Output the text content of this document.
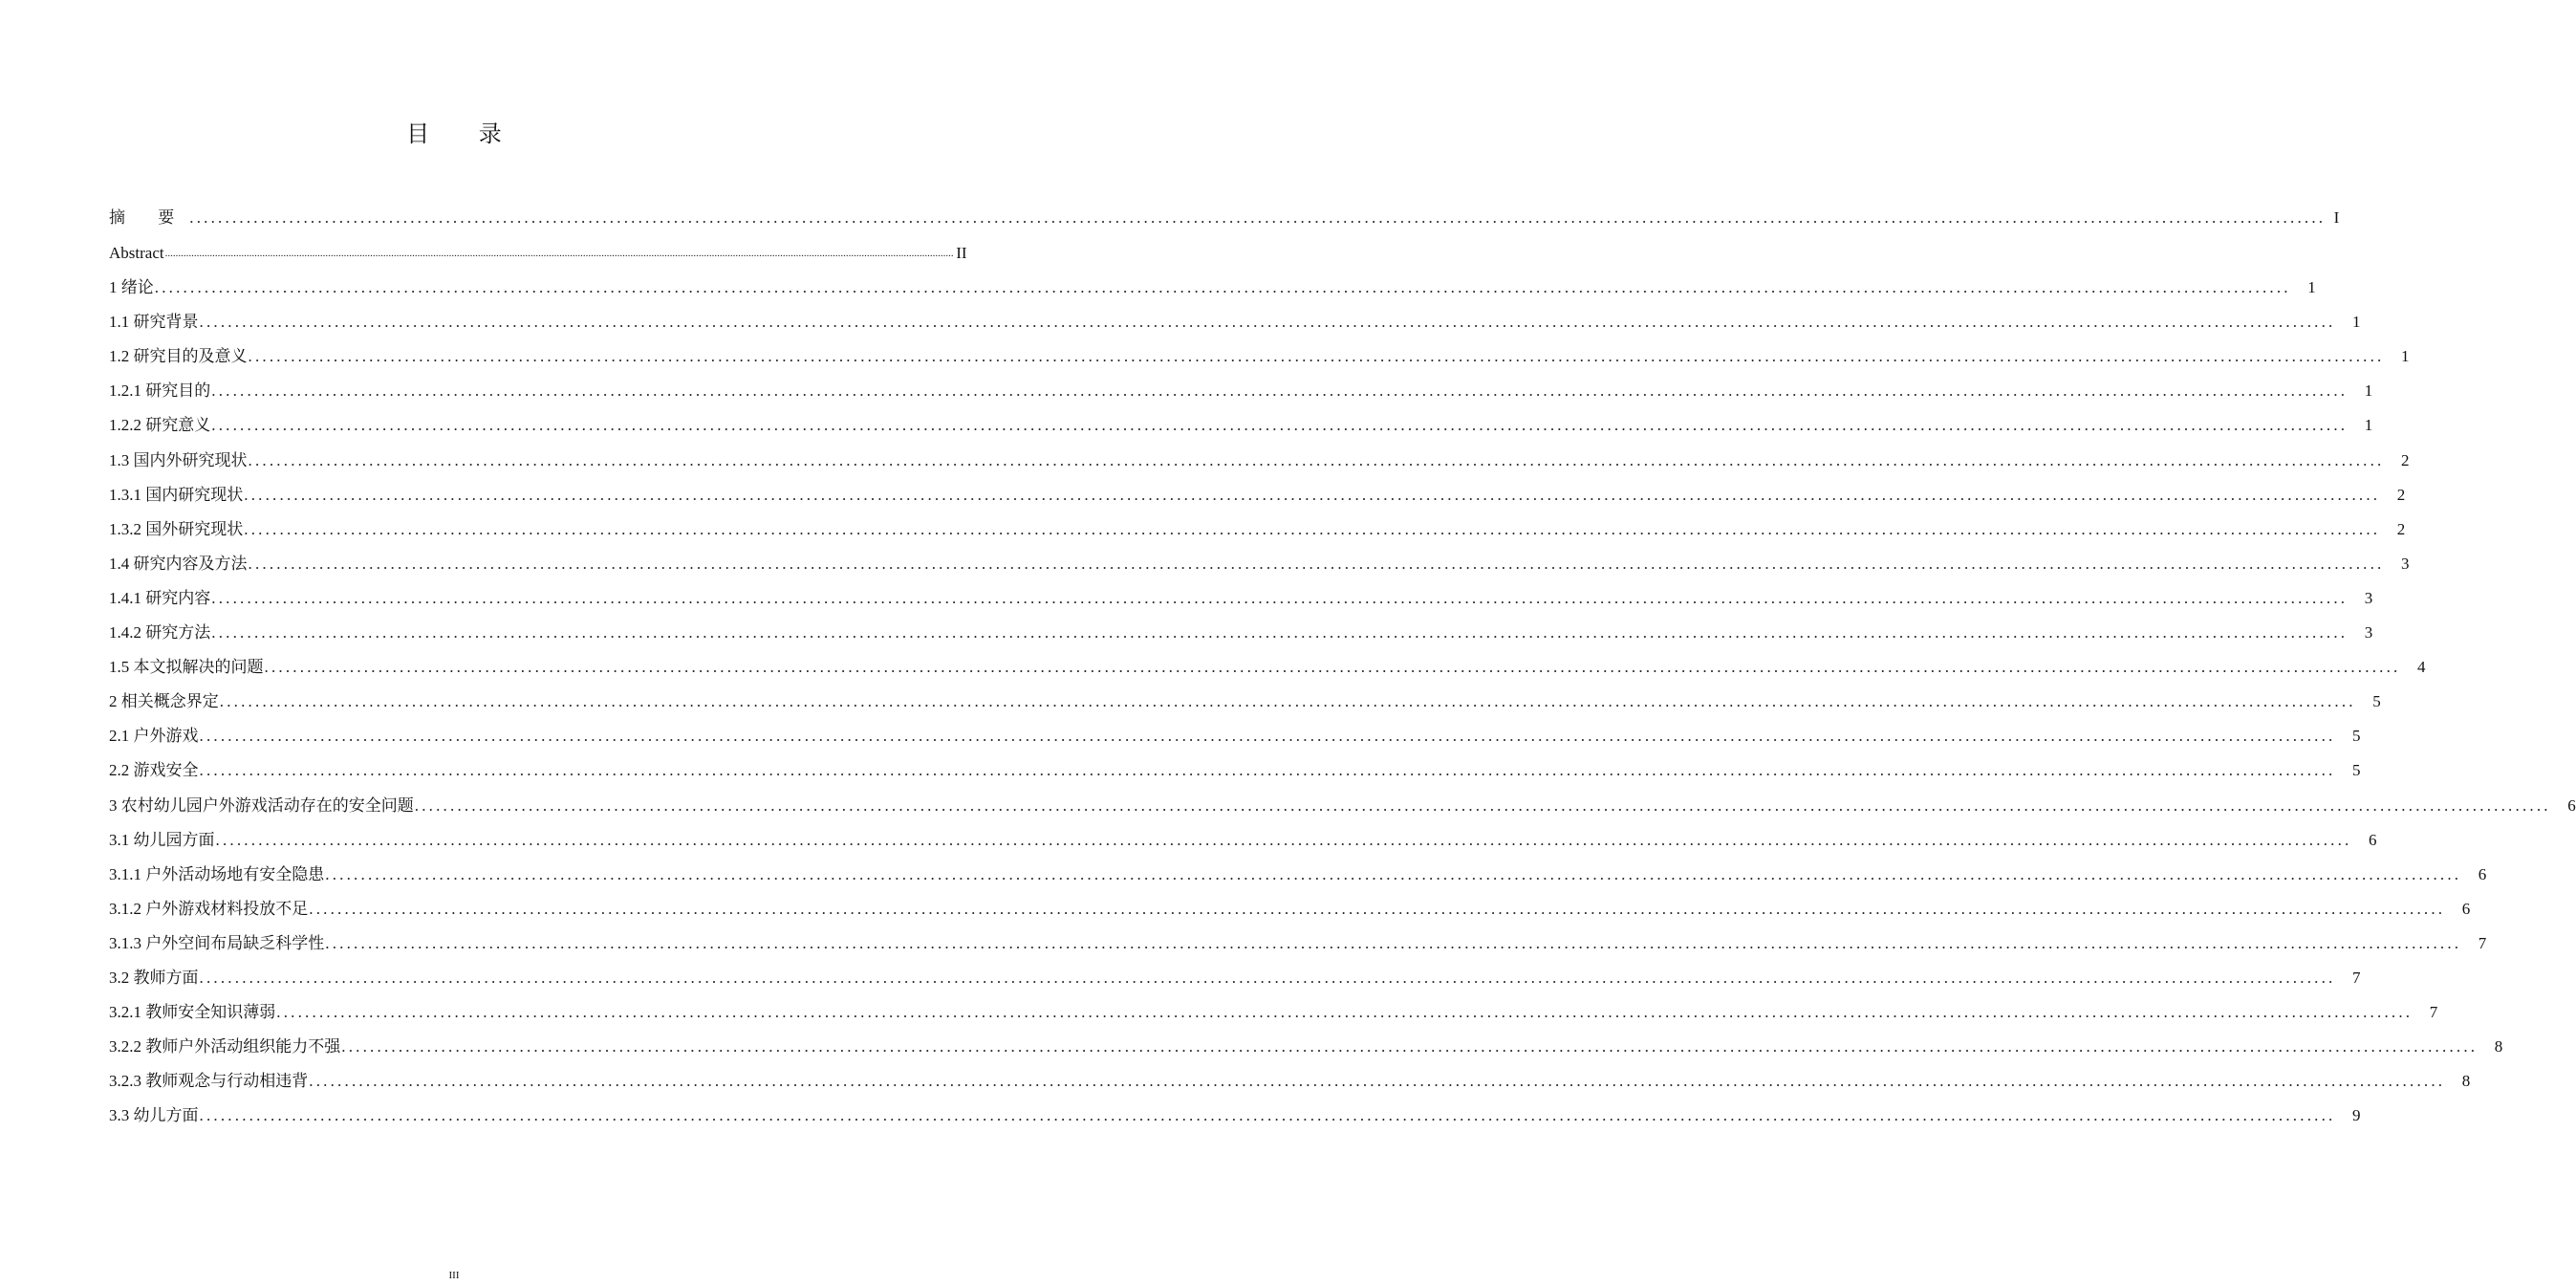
目 录
摘 要 ............................................................................................................................................................................................................................................................................................................ I
Abstract ............................................................................................................................................................................................................................................................................................................ II
1 绪论 ............................................................................................................................................................................................................................................................................................................	1
1.1 研究背景 ............................................................................................................................................................................................................................................................................................................	1
1.2 研究目的及意义 ............................................................................................................................................................................................................................................................................................................	1
1.2.1 研究目的 ............................................................................................................................................................................................................................................................................................................	1
1.2.2 研究意义 ............................................................................................................................................................................................................................................................................................................	1
1.3 国内外研究现状 ............................................................................................................................................................................................................................................................................................................	2
1.3.1 国内研究现状 ............................................................................................................................................................................................................................................................................................................	2
1.3.2 国外研究现状 ............................................................................................................................................................................................................................................................................................................	2
1.4 研究内容及方法 ............................................................................................................................................................................................................................................................................................................	3
1.4.1 研究内容 ............................................................................................................................................................................................................................................................................................................	3
1.4.2 研究方法 ............................................................................................................................................................................................................................................................................................................	3
1.5 本文拟解决的问题 ............................................................................................................................................................................................................................................................................................................	4
2 相关概念界定 ............................................................................................................................................................................................................................................................................................................	5
2.1 户外游戏 ............................................................................................................................................................................................................................................................................................................	5
2.2 游戏安全 ............................................................................................................................................................................................................................................................................................................	5
3 农村幼儿园户外游戏活动存在的安全问题 ............................................................................................................................................................................................................................................................................................................	6
3.1 幼儿园方面 ............................................................................................................................................................................................................................................................................................................	6
3.1.1 户外活动场地有安全隐患 ............................................................................................................................................................................................................................................................................................................	6
3.1.2 户外游戏材料投放不足 ............................................................................................................................................................................................................................................................................................................	6
3.1.3 户外空间布局缺乏科学性 ............................................................................................................................................................................................................................................................................................................	7
3.2 教师方面 ............................................................................................................................................................................................................................................................................................................	7
3.2.1 教师安全知识薄弱 ............................................................................................................................................................................................................................................................................................................	7
3.2.2 教师户外活动组织能力不强 ............................................................................................................................................................................................................................................................................................................	8
3.2.3 教师观念与行动相违背 ............................................................................................................................................................................................................................................................................................................	8
3.3 幼儿方面 ............................................................................................................................................................................................................................................................................................................	9
III
